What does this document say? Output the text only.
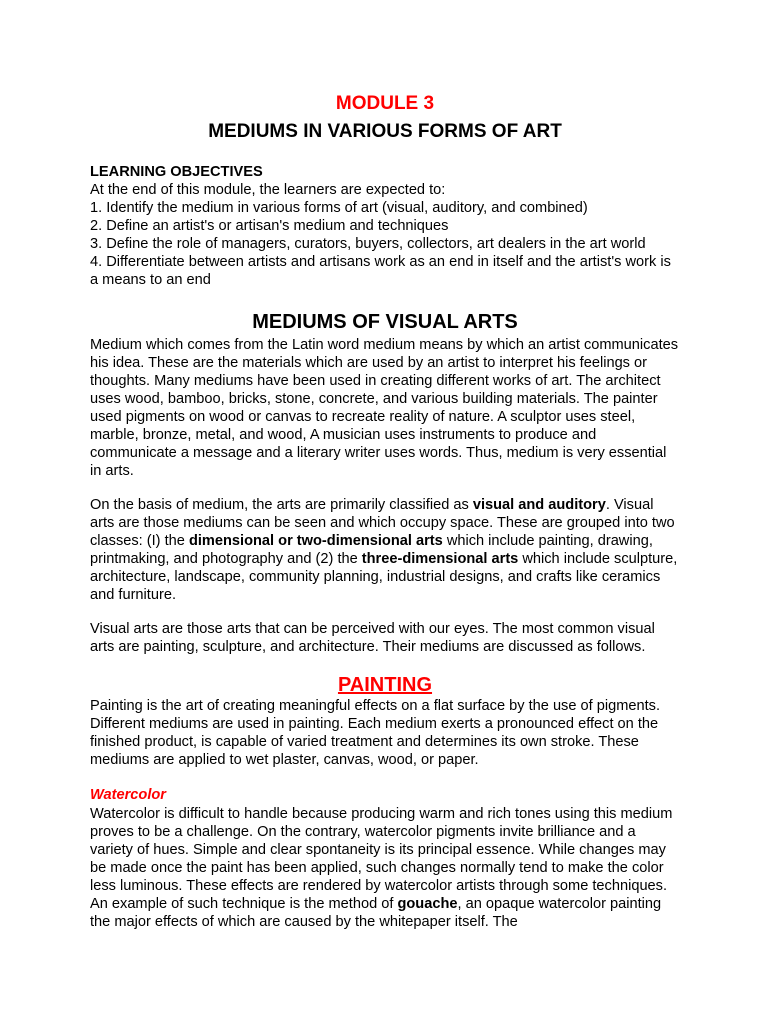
MODULE 3
MEDIUMS IN VARIOUS FORMS OF ART
LEARNING OBJECTIVES
At the end of this module, the learners are expected to:
1. Identify the medium in various forms of art (visual, auditory, and combined)
2. Define an artist's or artisan's medium and techniques
3. Define the role of managers, curators, buyers, collectors, art dealers in the art world
4. Differentiate between artists and artisans work as an end in itself and the artist's work is a means to an end
MEDIUMS OF VISUAL ARTS

Medium which comes from the Latin word medium means by which an artist communicates his idea. These are the materials which are used by an artist to interpret his feelings or thoughts. Many mediums have been used in creating different works of art. The architect uses wood, bamboo, bricks, stone, concrete, and various building materials. The painter used pigments on wood or canvas to recreate reality of nature. A sculptor uses steel, marble, bronze, metal, and wood, A musician uses instruments to produce and communicate a message and a literary writer uses words. Thus, medium is very essential in arts.

On the basis of medium, the arts are primarily classified as visual and auditory. Visual arts are those mediums can be seen and which occupy space. These are grouped into two classes: (I) the dimensional or two-dimensional arts which include painting, drawing, printmaking, and photography and (2) the three-dimensional arts which include sculpture, architecture, landscape, community planning, industrial designs, and crafts like ceramics and furniture.

Visual arts are those arts that can be perceived with our eyes. The most common visual arts are painting, sculpture, and architecture. Their mediums are discussed as follows.

PAINTING

Painting is the art of creating meaningful effects on a flat surface by the use of pigments. Different mediums are used in painting. Each medium exerts a pronounced effect on the finished product, is capable of varied treatment and determines its own stroke. These mediums are applied to wet plaster, canvas, wood, or paper.

Watercolor

Watercolor is difficult to handle because producing warm and rich tones using this medium proves to be a challenge. On the contrary, watercolor pigments invite brilliance and a variety of hues. Simple and clear spontaneity is its principal essence. While changes may be made once the paint has been applied, such changes normally tend to make the color less luminous. These effects are rendered by watercolor artists through some techniques. An example of such technique is the method of gouache, an opaque watercolor painting the major effects of which are caused by the whitepaper itself. The
